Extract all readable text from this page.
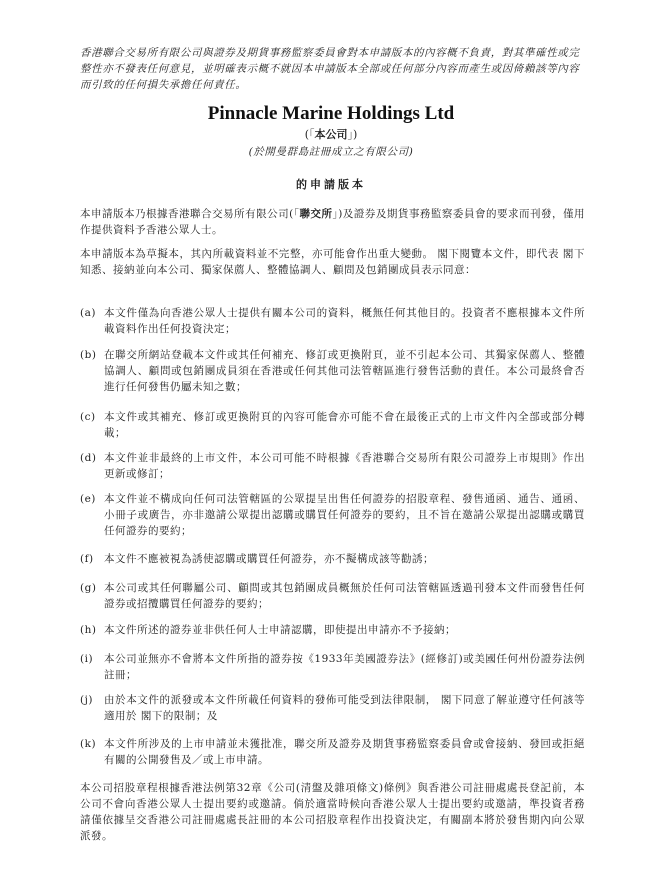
香港聯合交易所有限公司與證券及期貨事務監察委員會對本申請版本的內容概不負責，對其準確性或完整性亦不發表任何意見，並明確表示概不就因本申請版本全部或任何部分內容而產生或因倚賴該等內容而引致的任何損失承擔任何責任。
Pinnacle Marine Holdings Ltd
(「本公司」)
(於開曼群島註冊成立之有限公司)
的申請版本
本申請版本乃根據香港聯合交易所有限公司(「聯交所」)及證券及期貨事務監察委員會的要求而刊發，僅用作提供資料予香港公眾人士。
本申請版本為草擬本，其內所載資料並不完整，亦可能會作出重大變動。 閣下閱覽本文件，即代表 閣下知悉、接納並向本公司、獨家保薦人、整體協調人、顧問及包銷團成員表示同意：
(a) 本文件僅為向香港公眾人士提供有關本公司的資料，概無任何其他目的。投資者不應根據本文件所載資料作出任何投資決定；
(b) 在聯交所網站登載本文件或其任何補充、修訂或更換附頁，並不引起本公司、其獨家保薦人、整體協調人、顧問或包銷團成員須在香港或任何其他司法管轄區進行發售活動的責任。本公司最終會否進行任何發售仍屬未知之數；
(c) 本文件或其補充、修訂或更換附頁的內容可能會亦可能不會在最後正式的上市文件內全部或部分轉載；
(d) 本文件並非最終的上市文件，本公司可能不時根據《香港聯合交易所有限公司證券上市規則》作出更新或修訂；
(e) 本文件並不構成向任何司法管轄區的公眾提呈出售任何證券的招股章程、發售通函、通告、通函、小冊子或廣告，亦非邀請公眾提出認購或購買任何證券的要約，且不旨在邀請公眾提出認購或購買任何證券的要約；
(f) 本文件不應被視為誘使認購或購買任何證券，亦不擬構成該等勸誘；
(g) 本公司或其任何聯屬公司、顧問或其包銷團成員概無於任何司法管轄區透過刊發本文件而發售任何證券或招攬購買任何證券的要約；
(h) 本文件所述的證券並非供任何人士申請認購，即使提出申請亦不予接納；
(i)	本公司並無亦不會將本文件所指的證券按《1933年美國證券法》(經修訂)或美國任何州份證券法例註冊；
(j)	由於本文件的派發或本文件所載任何資料的發佈可能受到法律限制， 閣下同意了解並遵守任何該等適用於 閣下的限制；及
(k) 本文件所涉及的上市申請並未獲批准，聯交所及證券及期貨事務監察委員會或會接納、發回或拒絕有關的公開發售及／或上市申請。
本公司招股章程根據香港法例第32章《公司(清盤及雜項條文)條例》與香港公司註冊處處長登記前，本公司不會向香港公眾人士提出要約或邀請。倘於適當時候向香港公眾人士提出要約或邀請，準投資者務請僅依據呈交香港公司註冊處處長註冊的本公司招股章程作出投資決定，有關副本將於發售期內向公眾派發。
